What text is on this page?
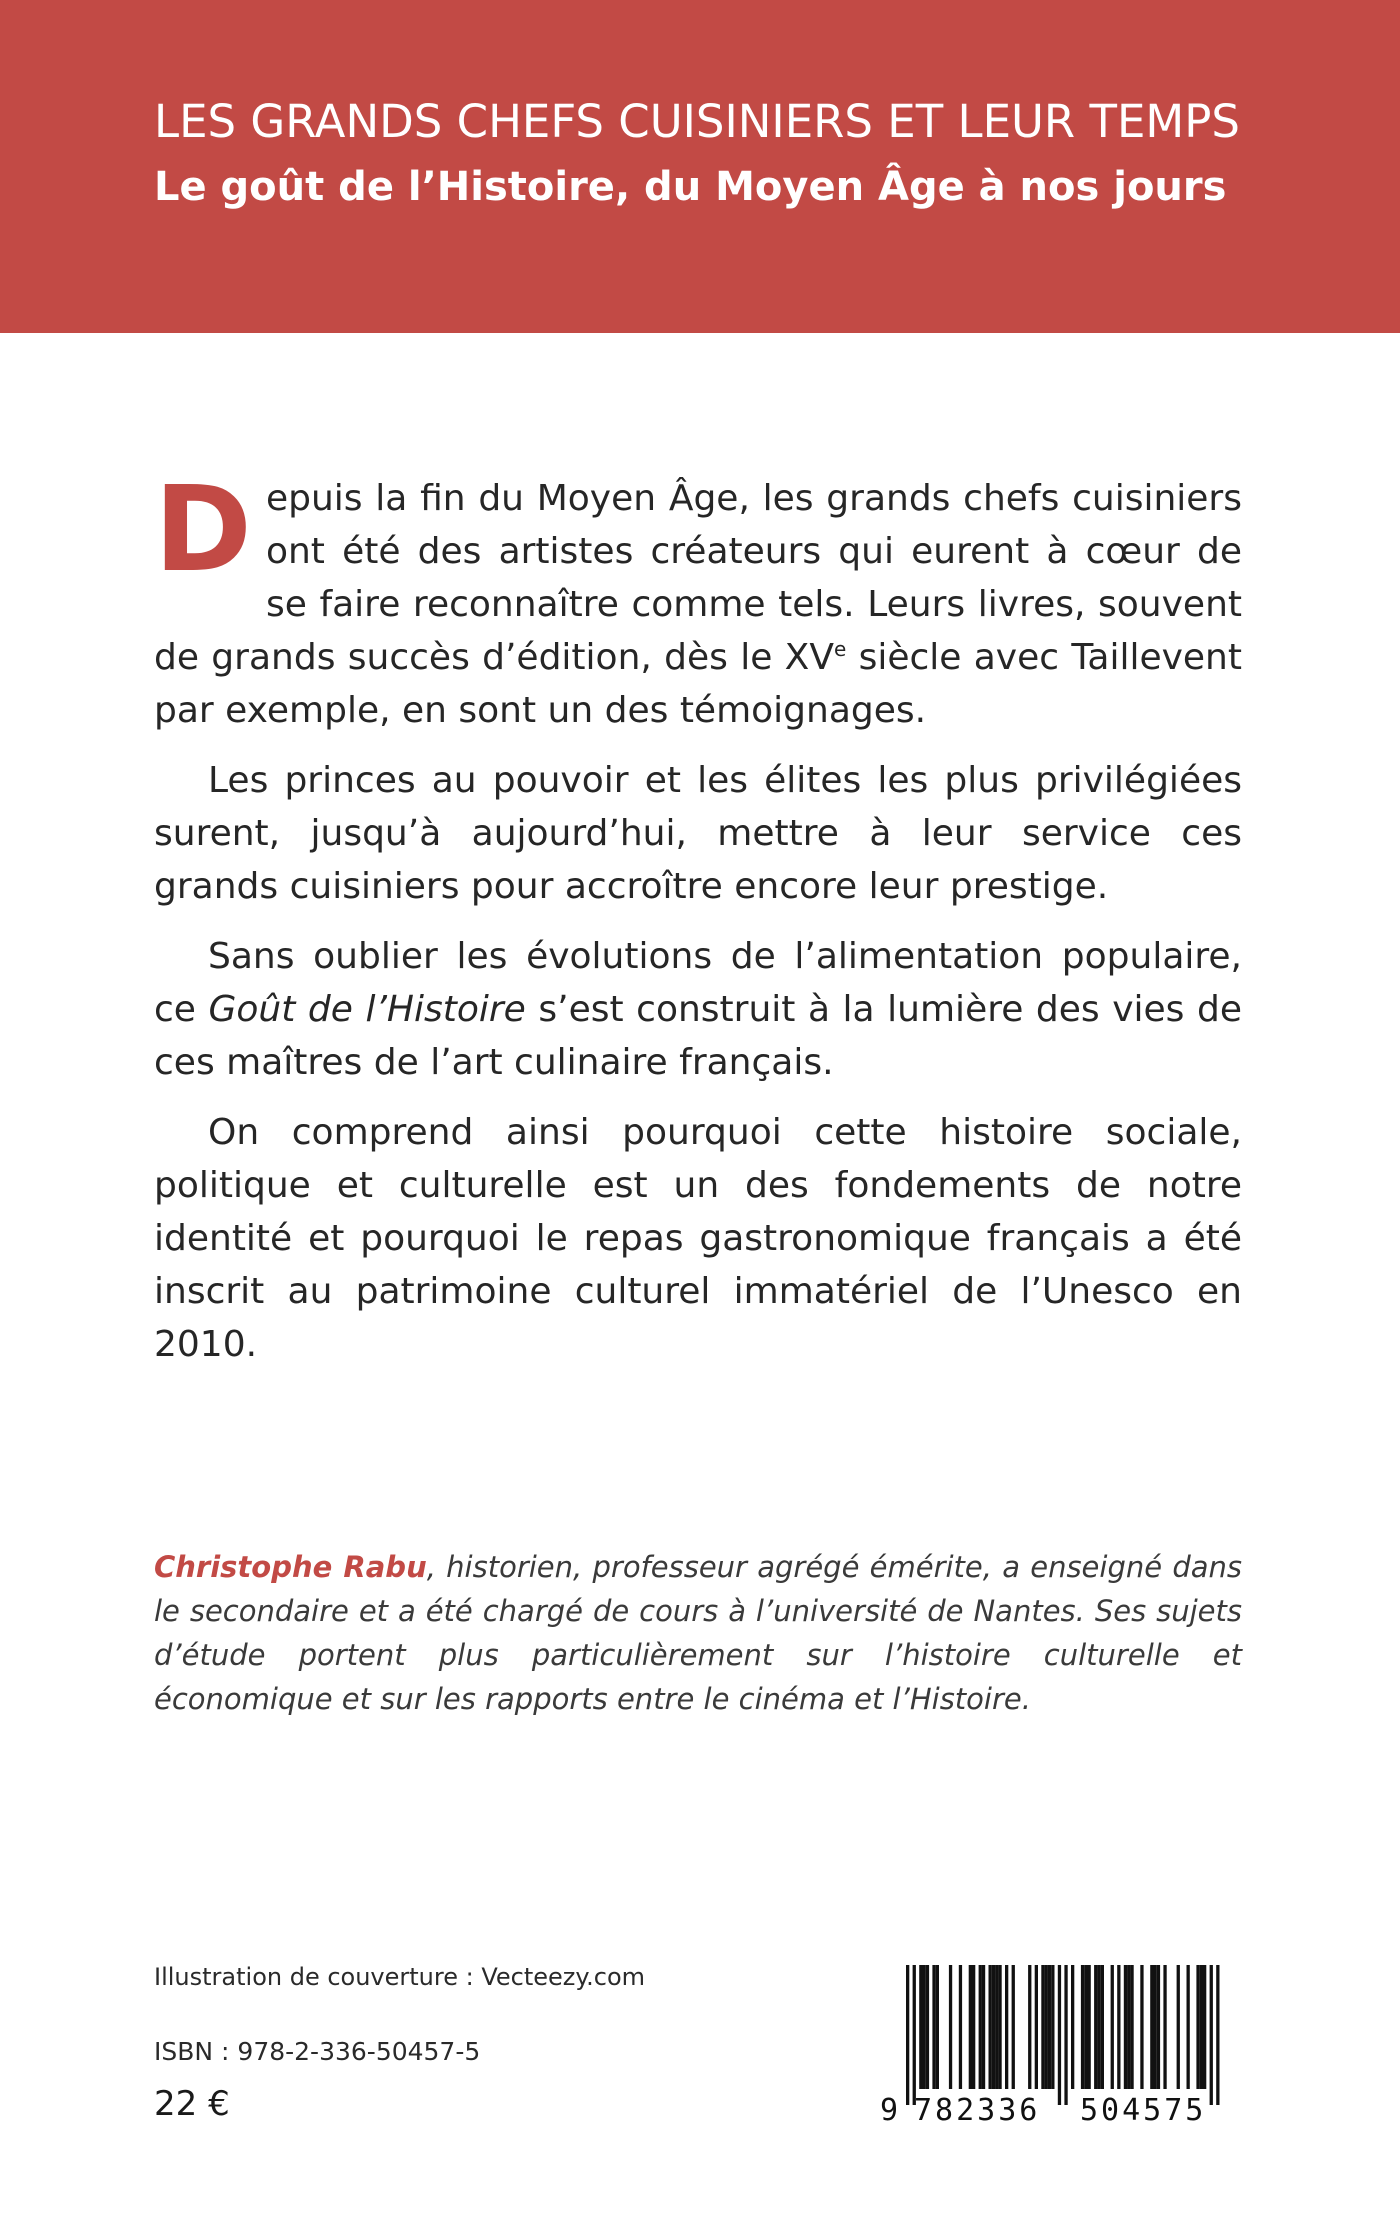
LES GRANDS CHEFS CUISINIERS ET LEUR TEMPS
Le goût de l’Histoire, du Moyen Âge à nos jours

Depuis la fin du Moyen Âge, les grands chefs cuisiniers ont été des artistes créateurs qui eurent à cœur de se faire reconnaître comme tels. Leurs livres, souvent de grands succès d’édition, dès le XVe siècle avec Taillevent par exemple, en sont un des témoignages.

Les princes au pouvoir et les élites les plus privilégiées surent, jusqu’à aujourd’hui, mettre à leur service ces grands cuisiniers pour accroître encore leur prestige.

Sans oublier les évolutions de l’alimentation populaire, ce Goût de l’Histoire s’est construit à la lumière des vies de ces maîtres de l’art culinaire français.

On comprend ainsi pourquoi cette histoire sociale, politique et culturelle est un des fondements de notre identité et pourquoi le repas gastronomique français a été inscrit au patrimoine culturel immatériel de l’Unesco en 2010.

Christophe Rabu, historien, professeur agrégé émérite, a enseigné dans le secondaire et a été chargé de cours à l’université de Nantes. Ses sujets d’étude portent plus particulièrement sur l’histoire culturelle et économique et sur les rapports entre le cinéma et l’Histoire.
Illustration de couverture : Vecteezy.com
ISBN : 978-2-336-50457-5
22 €	9 782336 504575
